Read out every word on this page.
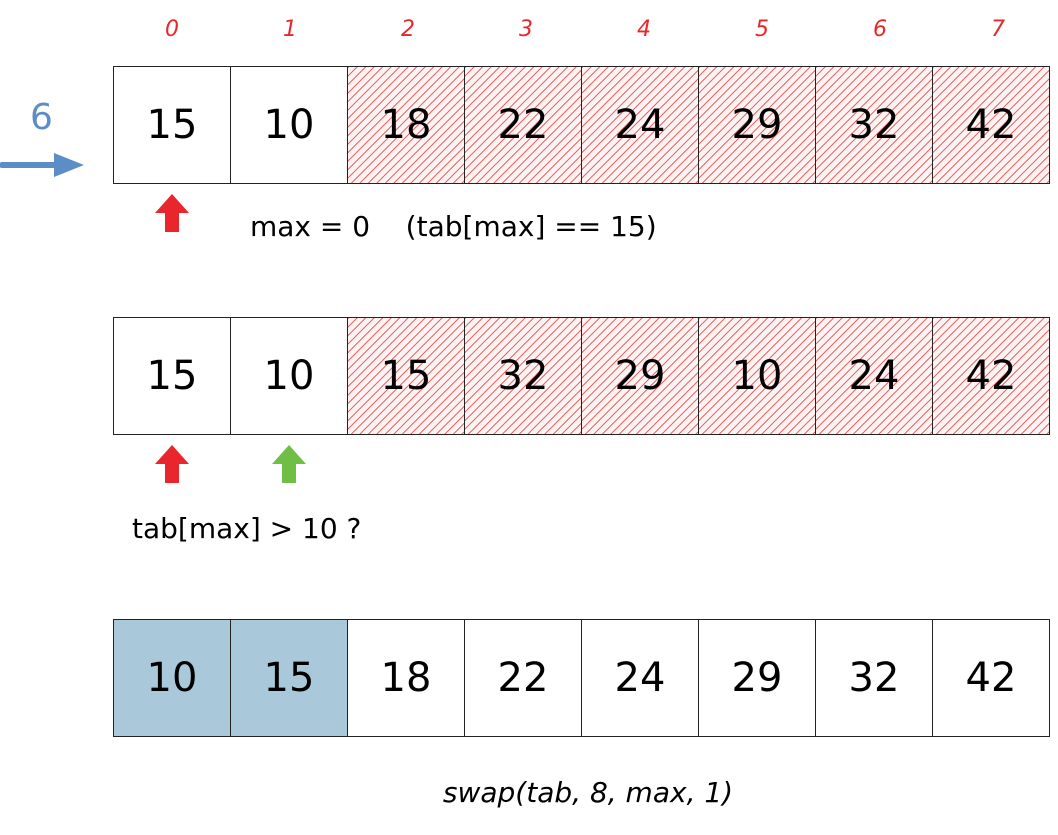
0	1	2	3	4	5	6	7
6 15 10 18 22 24 29 32 42
max = 0    (tab[max] == 15)
15 10 15 32 29 10 24 42
tab[max] > 10 ?
10 15 18 22 24 29 32 42
swap(tab, 8, max, 1)
